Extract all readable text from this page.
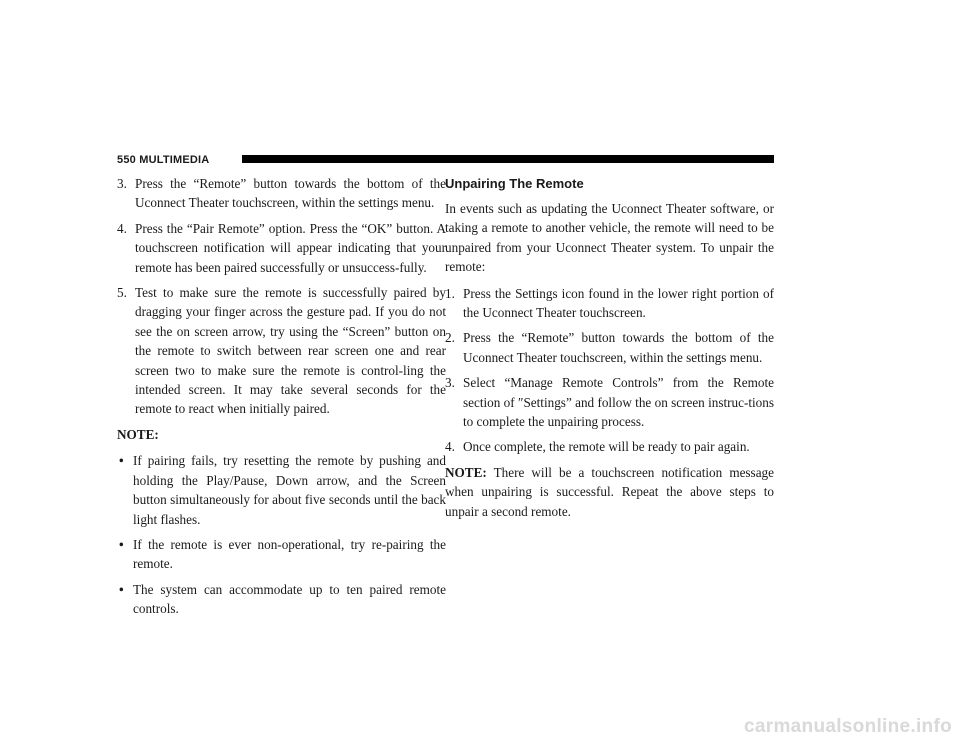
550 MULTIMEDIA
3. Press the “Remote” button towards the bottom of the Uconnect Theater touchscreen, within the settings menu.
4. Press the “Pair Remote” option. Press the “OK” button. A touchscreen notification will appear indicating that your remote has been paired successfully or unsuccess-fully.
5. Test to make sure the remote is successfully paired by dragging your finger across the gesture pad. If you do not see the on screen arrow, try using the “Screen” button on the remote to switch between rear screen one and rear screen two to make sure the remote is control-ling the intended screen. It may take several seconds for the remote to react when initially paired.

NOTE:

• If pairing fails, try resetting the remote by pushing and holding the Play/Pause, Down arrow, and the Screen button simultaneously for about five seconds until the back light flashes.
• If the remote is ever non-operational, try re-pairing the remote.
• The system can accommodate up to ten paired remote controls.
Unpairing The Remote

In events such as updating the Uconnect Theater software, or taking a remote to another vehicle, the remote will need to be unpaired from your Uconnect Theater system. To unpair the remote:

1. Press the Settings icon found in the lower right portion of the Uconnect Theater touchscreen.
2. Press the “Remote” button towards the bottom of the Uconnect Theater touchscreen, within the settings menu.
3. Select “Manage Remote Controls” from the Remote section of ″Settings” and follow the on screen instruc-tions to complete the unpairing process.
4. Once complete, the remote will be ready to pair again.

NOTE: There will be a touchscreen notification message when unpairing is successful. Repeat the above steps to unpair a second remote.

carmanualsonline.info
